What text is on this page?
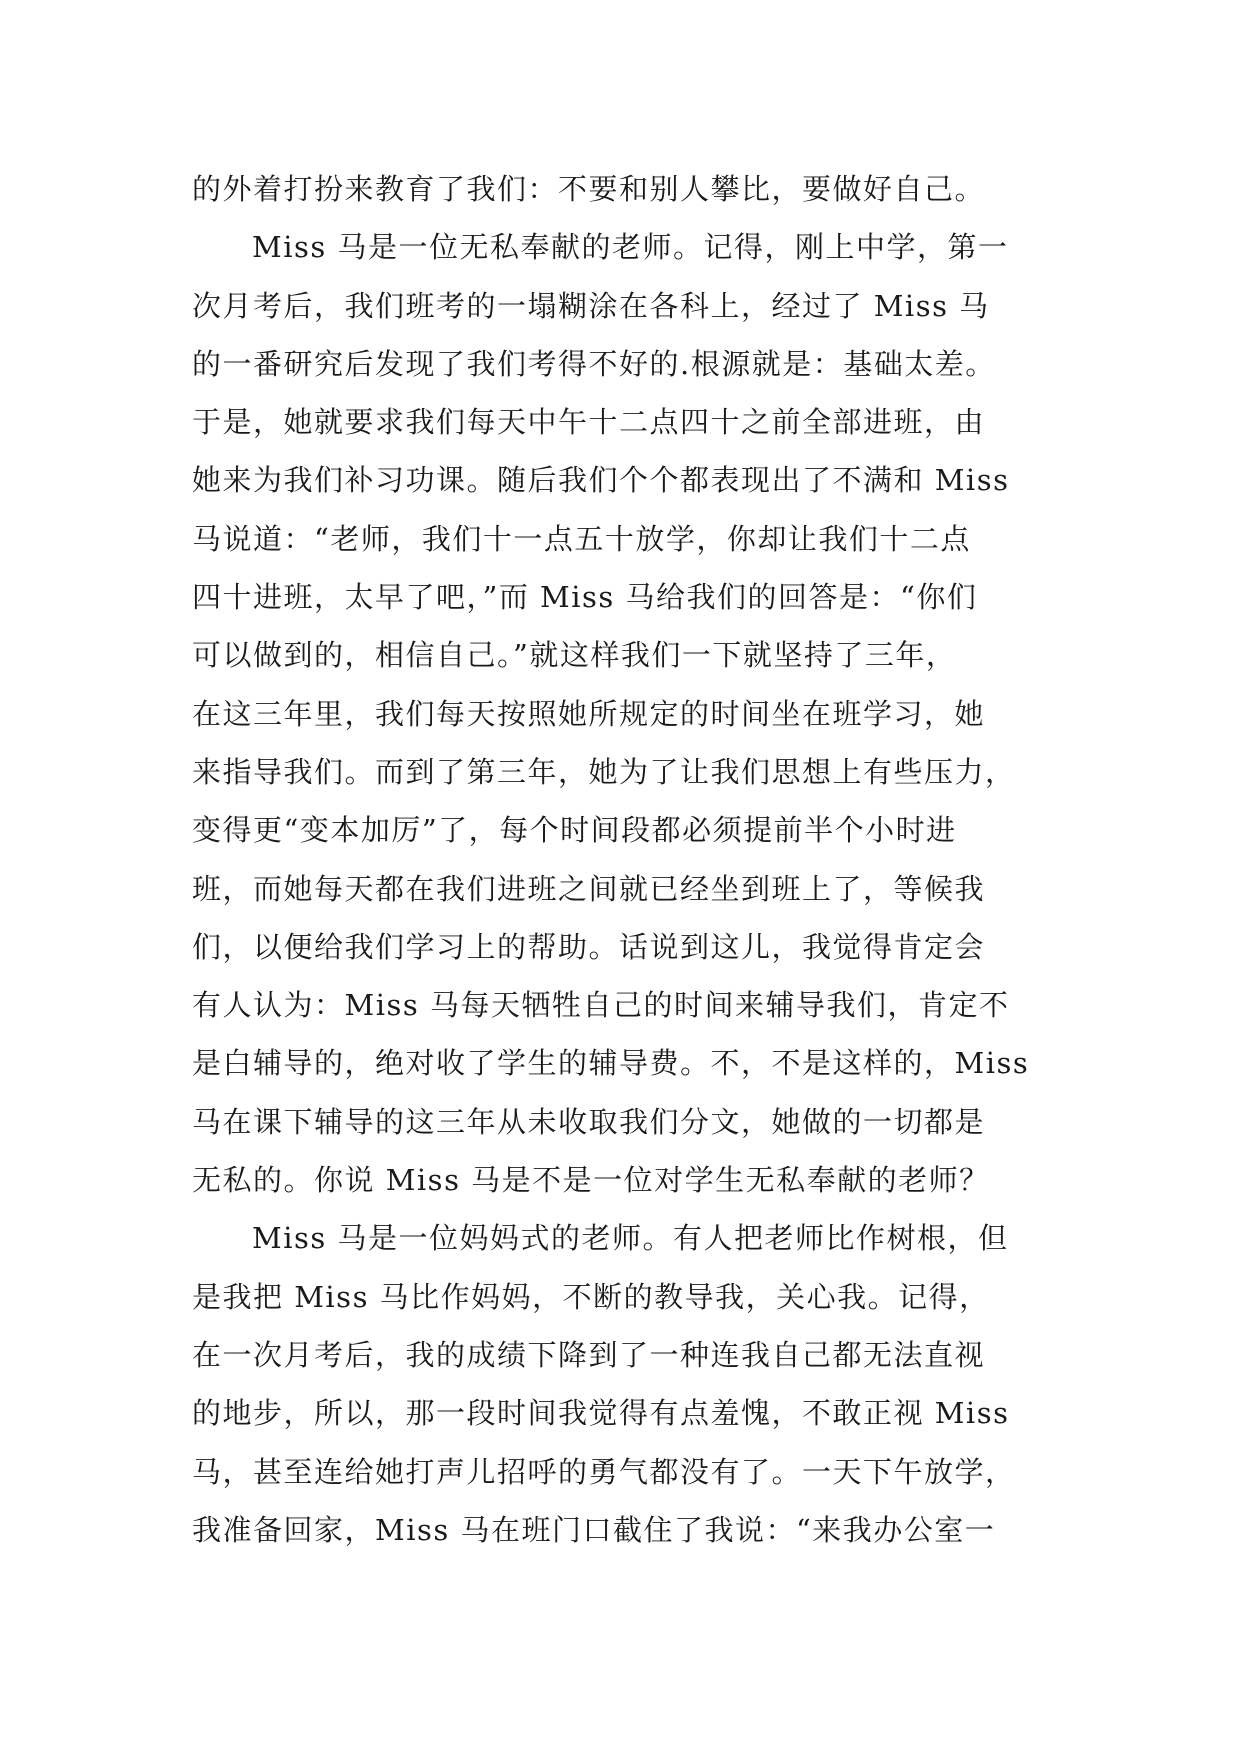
的外着打扮来教育了我们：不要和别人攀比，要做好自己。
Miss 马是一位无私奉献的老师。记得，刚上中学，第一
次月考后，我们班考的一塌糊涂在各科上，经过了 Miss 马
的一番研究后发现了我们考得不好的.根源就是：基础太差。
于是，她就要求我们每天中午十二点四十之前全部进班，由
她来为我们补习功课。随后我们个个都表现出了不满和 Miss
马说道：“老师，我们十一点五十放学，你却让我们十二点
四十进班，太早了吧，”而 Miss 马给我们的回答是：“你们
可以做到的，相信自己。”就这样我们一下就坚持了三年，
在这三年里，我们每天按照她所规定的时间坐在班学习，她
来指导我们。而到了第三年，她为了让我们思想上有些压力，
变得更“变本加厉”了，每个时间段都必须提前半个小时进
班，而她每天都在我们进班之间就已经坐到班上了，等候我
们，以便给我们学习上的帮助。话说到这儿，我觉得肯定会
有人认为：Miss 马每天牺牲自己的时间来辅导我们，肯定不
是白辅导的，绝对收了学生的辅导费。不，不是这样的，Miss
马在课下辅导的这三年从未收取我们分文，她做的一切都是
无私的。你说 Miss 马是不是一位对学生无私奉献的老师？
Miss 马是一位妈妈式的老师。有人把老师比作树根，但
是我把 Miss 马比作妈妈，不断的教导我，关心我。记得，
在一次月考后，我的成绩下降到了一种连我自己都无法直视
的地步，所以，那一段时间我觉得有点羞愧，不敢正视 Miss
马，甚至连给她打声儿招呼的勇气都没有了。一天下午放学，
我准备回家，Miss 马在班门口截住了我说：“来我办公室一
